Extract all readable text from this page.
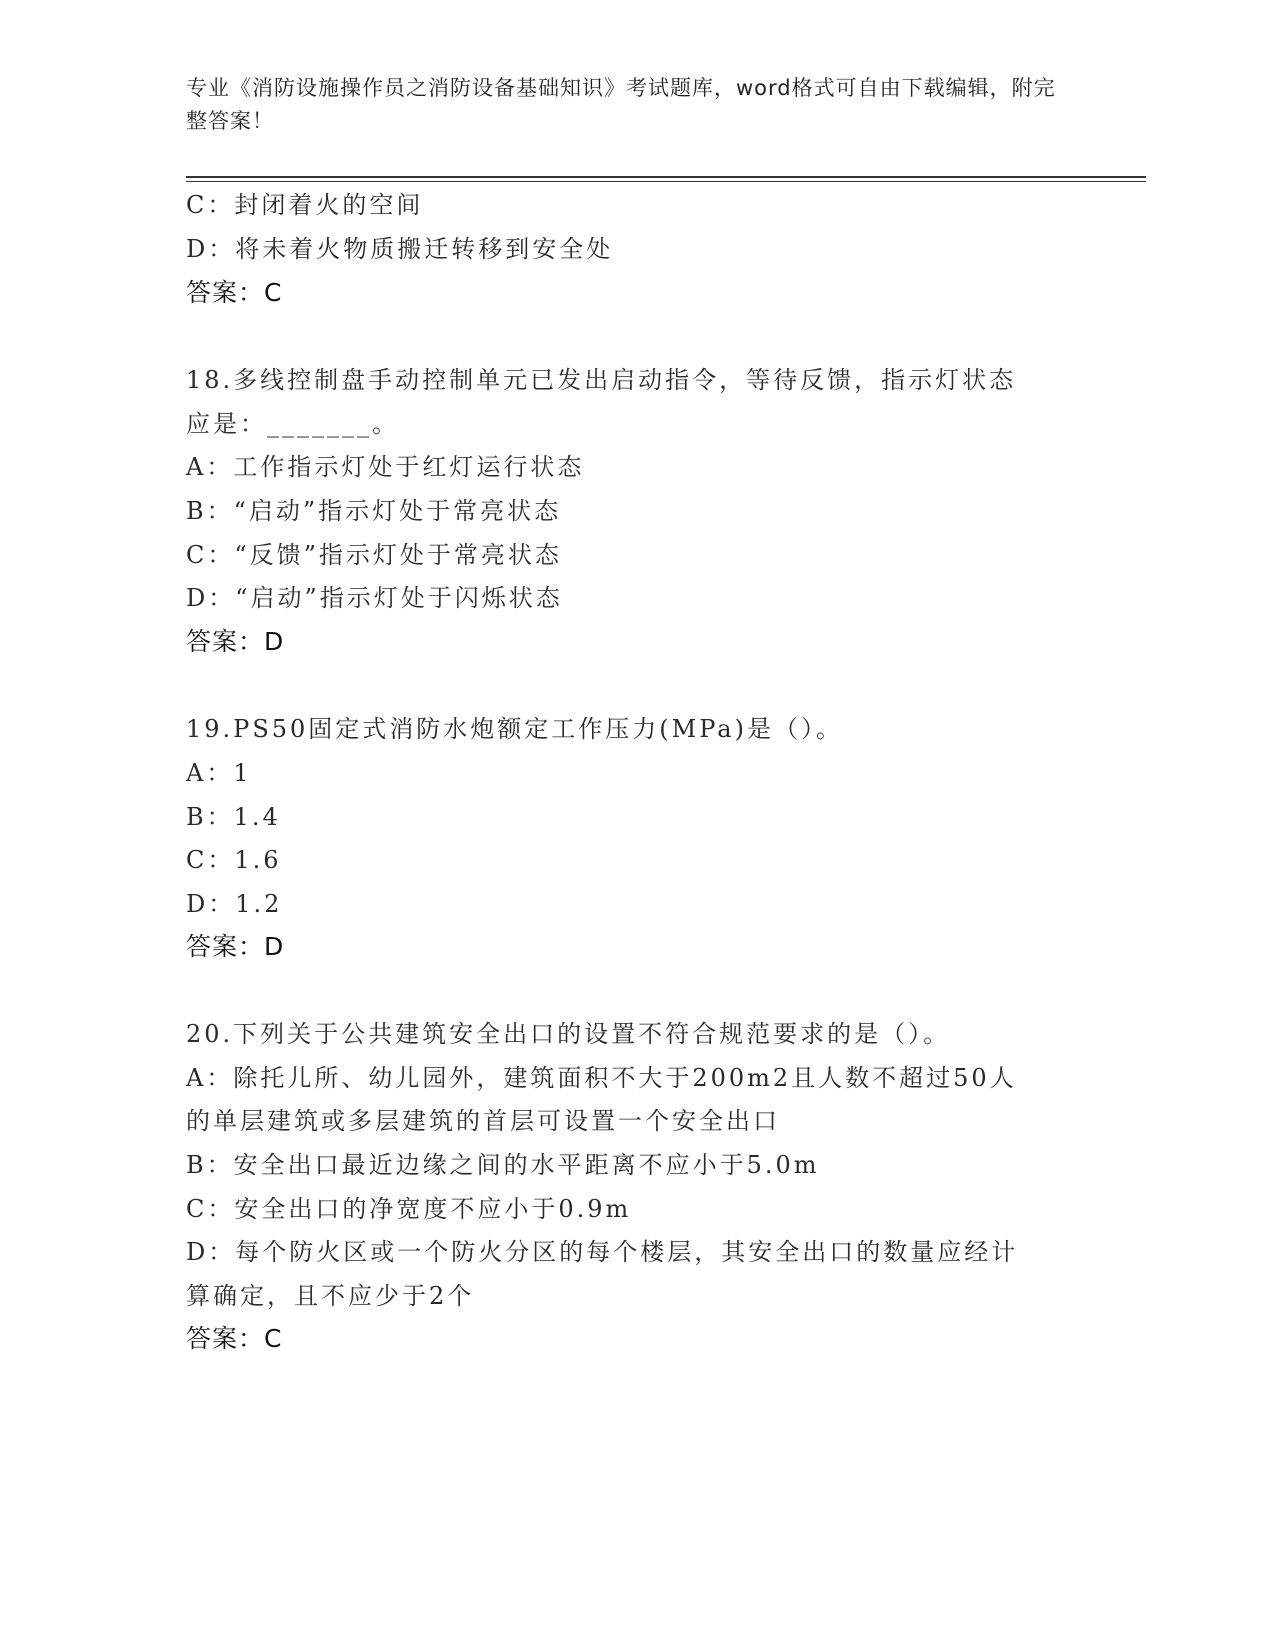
专业《消防设施操作员之消防设备基础知识》考试题库，word格式可自由下载编辑，附完整答案！
C：封闭着火的空间
D：将未着火物质搬迁转移到安全处
答案：C
18.多线控制盘手动控制单元已发出启动指令，等待反馈，指示灯状态
应是：_______。
A：工作指示灯处于红灯运行状态
B：“启动”指示灯处于常亮状态
C：“反馈”指示灯处于常亮状态
D：“启动”指示灯处于闪烁状态
答案：D
19.PS50固定式消防水炮额定工作压力(MPa)是（）。
A：1
B：1.4
C：1.6
D：1.2
答案：D
20.下列关于公共建筑安全出口的设置不符合规范要求的是（）。
A：除托儿所、幼儿园外，建筑面积不大于200m2且人数不超过50人
的单层建筑或多层建筑的首层可设置一个安全出口
B：安全出口最近边缘之间的水平距离不应小于5.0m
C：安全出口的净宽度不应小于0.9m
D：每个防火区或一个防火分区的每个楼层，其安全出口的数量应经计
算确定，且不应少于2个
答案：C
